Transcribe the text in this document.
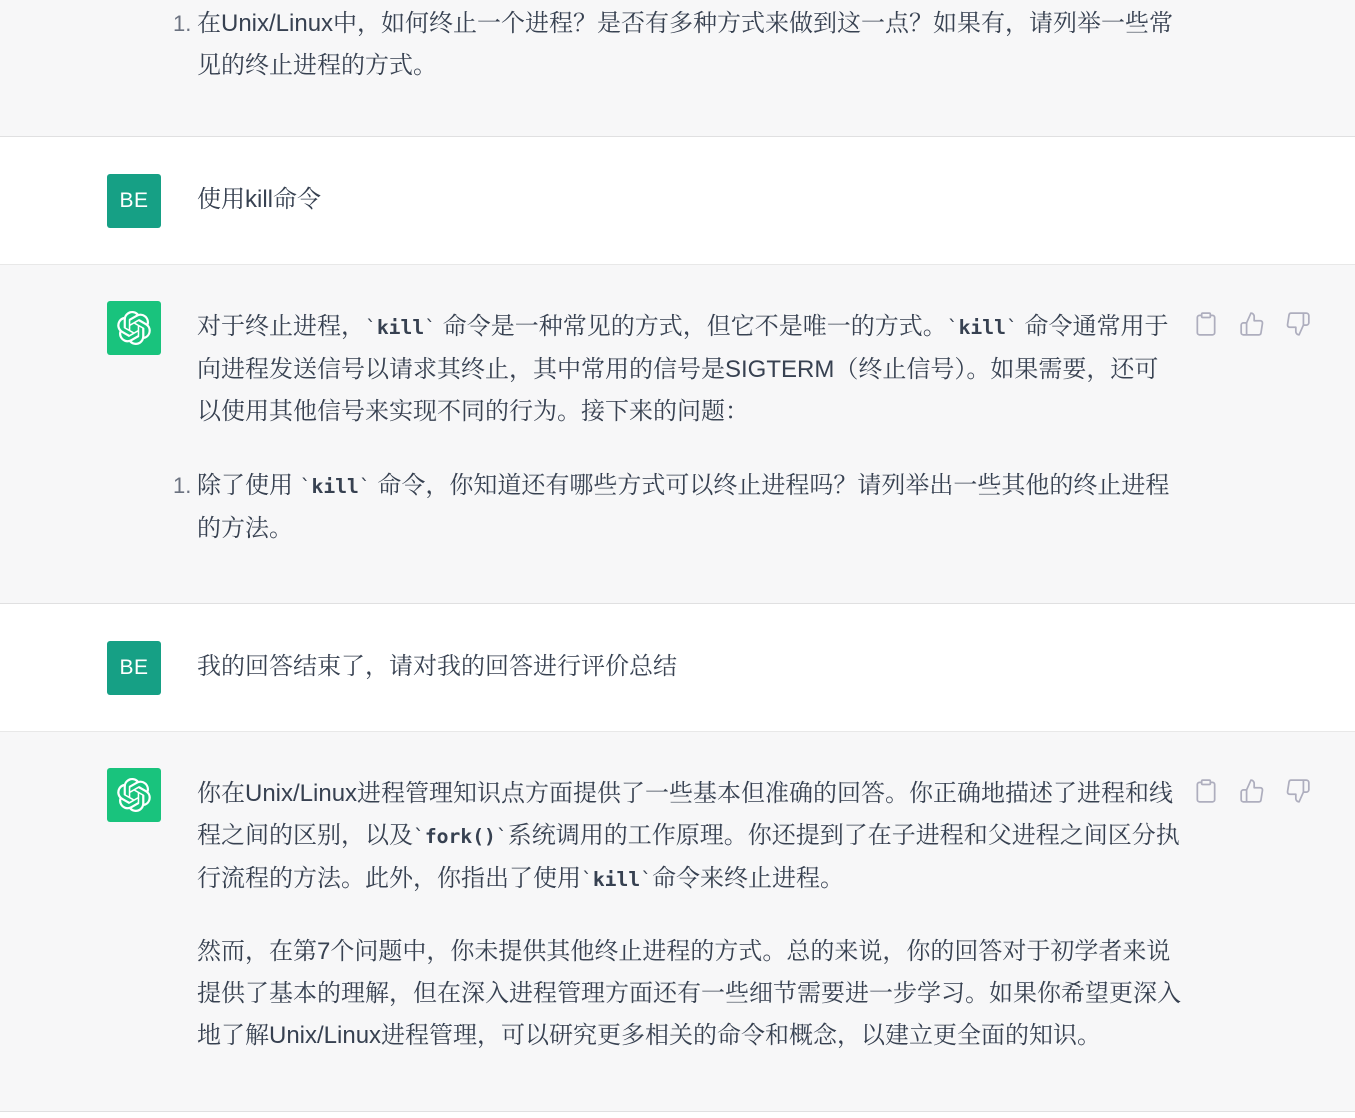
1. 在Unix/Linux中，如何终止一个进程？是否有多种方式来做到这一点？如果有，请列举一些常见的终止进程的方式。
BE 使用kill命令

对于终止进程，`kill` 命令是一种常见的方式，但它不是唯一的方式。`kill` 命令通常用于向进程发送信号以请求其终止，其中常用的信号是SIGTERM（终止信号）。如果需要，还可以使用其他信号来实现不同的行为。接下来的问题：

1. 除了使用 `kill` 命令，你知道还有哪些方式可以终止进程吗？请列举出一些其他的终止进程的方法。
BE 我的回答结束了，请对我的回答进行评价总结

你在Unix/Linux进程管理知识点方面提供了一些基本但准确的回答。你正确地描述了进程和线程之间的区别，以及`fork()`系统调用的工作原理。你还提到了在子进程和父进程之间区分执行流程的方法。此外，你指出了使用`kill`命令来终止进程。

然而，在第7个问题中，你未提供其他终止进程的方式。总的来说，你的回答对于初学者来说提供了基本的理解，但在深入进程管理方面还有一些细节需要进一步学习。如果你希望更深入地了解Unix/Linux进程管理，可以研究更多相关的命令和概念，以建立更全面的知识。
